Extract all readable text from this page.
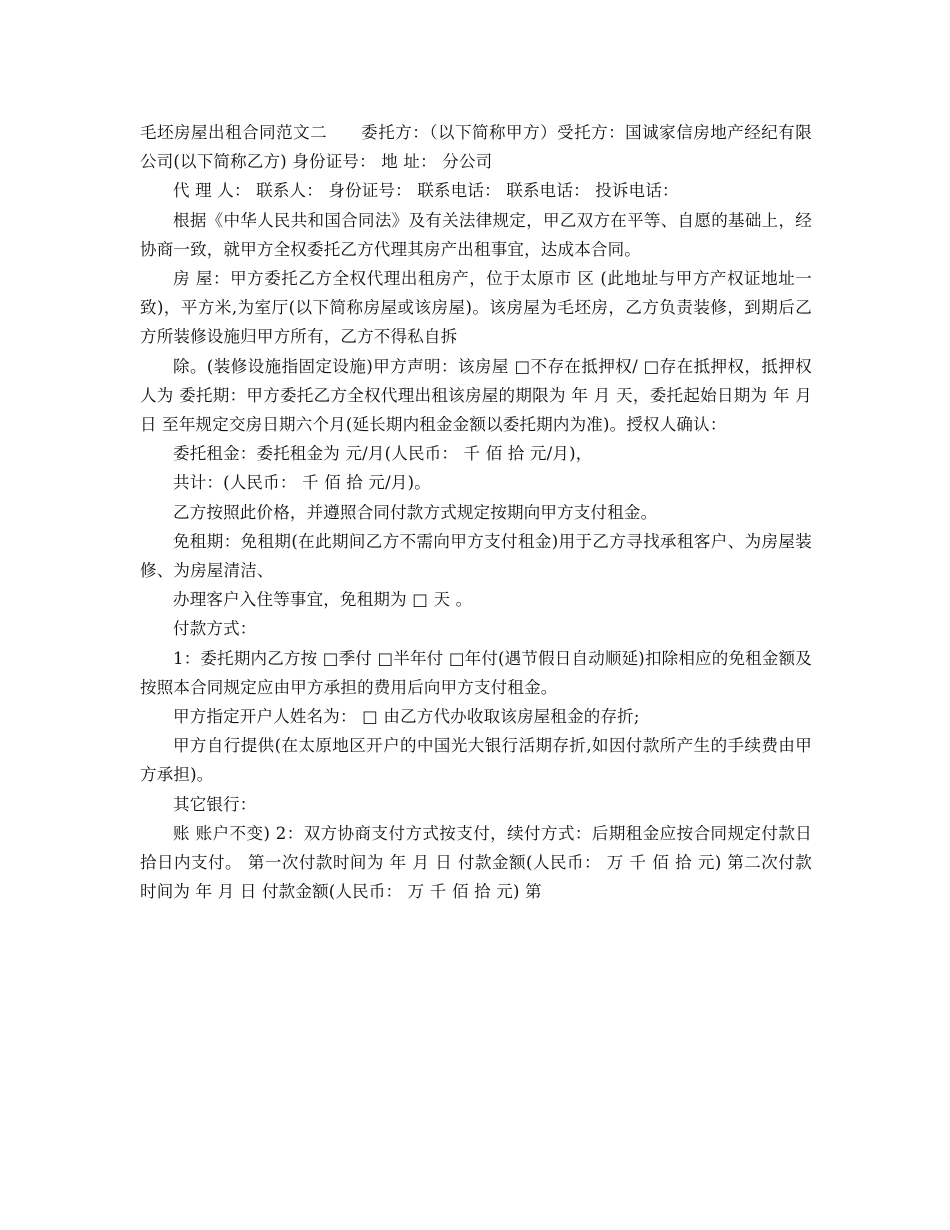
毛坯房屋出租合同范文二　　委托方：（以下简称甲方）受托方：国诚家信房地产经纪有限公司(以下简称乙方) 身份证号： 地 址： 分公司

代 理 人： 联系人： 身份证号： 联系电话： 联系电话： 投诉电话：

根据《中华人民共和国合同法》及有关法律规定，甲乙双方在平等、自愿的基础上，经协商一致，就甲方全权委托乙方代理其房产出租事宜，达成本合同。

房 屋：甲方委托乙方全权代理出租房产，位于太原市 区 (此地址与甲方产权证地址一致)，平方米,为室厅(以下简称房屋或该房屋)。该房屋为毛坯房，乙方负责装修，到期后乙方所装修设施归甲方所有，乙方不得私自拆

除。(装修设施指固定设施)甲方声明：该房屋 □不存在抵押权/ □存在抵押权，抵押权人为 委托期：甲方委托乙方全权代理出租该房屋的期限为 年 月 天，委托起始日期为 年 月 日 至年规定交房日期六个月(延长期内租金金额以委托期内为准)。授权人确认：

委托租金：委托租金为 元/月(人民币： 千 佰 拾 元/月)，

共计：(人民币： 千 佰 拾 元/月)。

乙方按照此价格，并遵照合同付款方式规定按期向甲方支付租金。

免租期：免租期(在此期间乙方不需向甲方支付租金)用于乙方寻找承租客户、为房屋装修、为房屋清洁、

办理客户入住等事宜，免租期为 □ 天 。

付款方式：

1：委托期内乙方按 □季付 □半年付 □年付(遇节假日自动顺延)扣除相应的免租金额及按照本合同规定应由甲方承担的费用后向甲方支付租金。

甲方指定开户人姓名为： □ 由乙方代办收取该房屋租金的存折;

甲方自行提供(在太原地区开户的中国光大银行活期存折,如因付款所产生的手续费由甲方承担)。

其它银行：

账 账户不变) 2：双方协商支付方式按支付，续付方式：后期租金应按合同规定付款日拾日内支付。 第一次付款时间为 年 月 日 付款金额(人民币： 万 千 佰 拾 元) 第二次付款时间为 年 月 日 付款金额(人民币： 万 千 佰 拾 元) 第
